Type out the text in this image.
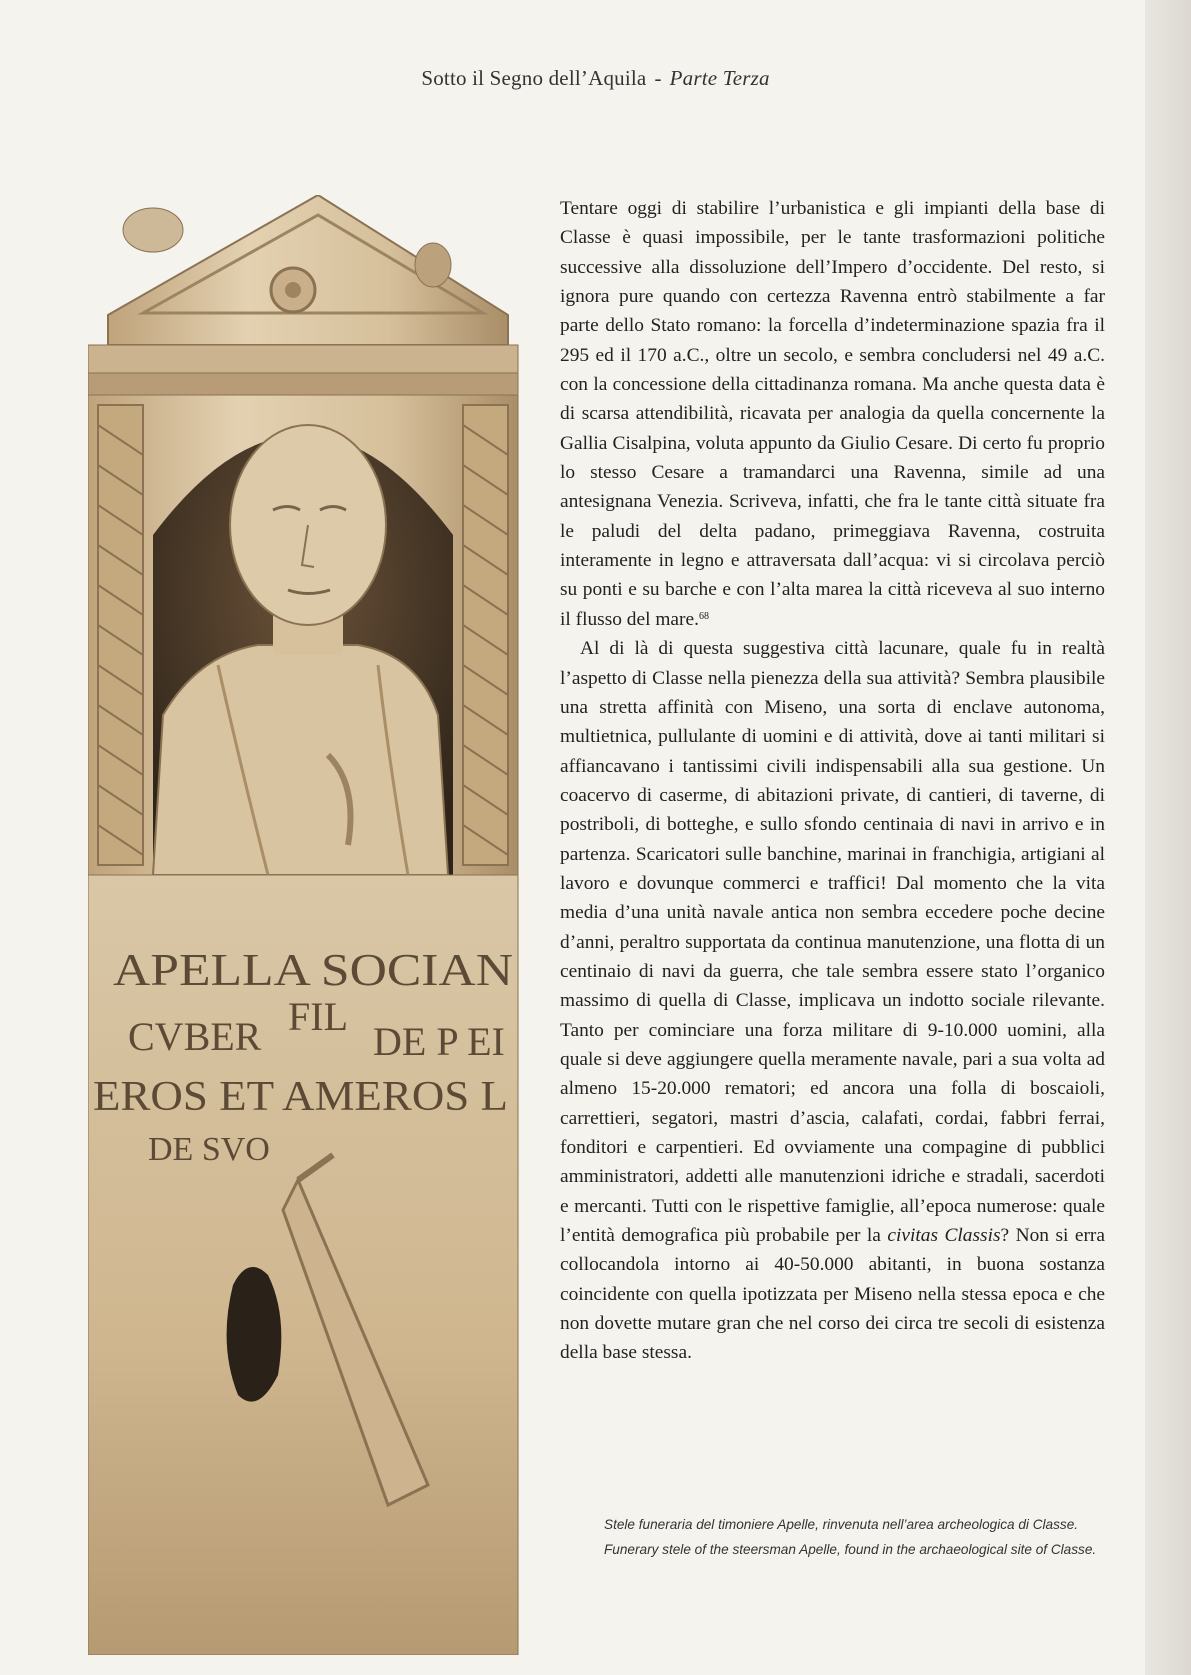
Sotto il Segno dell’Aquila - Parte Terza
APELLA SOCIAN
CVBER FIL
DE P EI
EROS ET AMEROS L
DE SVO

Tentare oggi di stabilire l’urbanistica e gli impianti della base di Classe è quasi impossibile, per le tante trasformazioni politiche successive alla dissoluzione dell’Impero d’occidente. Del resto, si ignora pure quando con certezza Ravenna entrò stabilmente a far parte dello Stato romano: la forcella d’indeterminazione spazia fra il 295 ed il 170 a.C., oltre un secolo, e sembra concludersi nel 49 a.C. con la concessione della cittadinanza romana. Ma anche questa data è di scarsa attendibilità, ricavata per analogia da quella concernente la Gallia Cisalpina, voluta appunto da Giulio Cesare. Di certo fu proprio lo stesso Cesare a tramandarci una Ravenna, simile ad una antesignana Venezia. Scriveva, infatti, che fra le tante città situate fra le paludi del delta padano, primeggiava Ravenna, costruita interamente in legno e attraversata dall’acqua: vi si circolava perciò su ponti e su barche e con l’alta marea la città riceveva al suo interno il flusso del mare.$^{68}$

Al di là di questa suggestiva città lacunare, quale fu in realtà l’aspetto di Classe nella pienezza della sua attività? Sembra plausibile una stretta affinità con Miseno, una sorta di enclave autonoma, multietnica, pullulante di uomini e di attività, dove ai tanti militari si affiancavano i tantissimi civili indispensabili alla sua gestione. Un coacervo di caserme, di abitazioni private, di cantieri, di taverne, di postriboli, di botteghe, e sullo sfondo centinaia di navi in arrivo e in partenza. Scaricatori sulle banchine, marinai in franchigia, artigiani al lavoro e dovunque commerci e traffici! Dal momento che la vita media d’una unità navale antica non sembra eccedere poche decine d’anni, peraltro supportata da continua manutenzione, una flotta di un centinaio di navi da guerra, che tale sembra essere stato l’organico massimo di quella di Classe, implicava un indotto sociale rilevante. Tanto per cominciare una forza militare di 9-10.000 uomini, alla quale si deve aggiungere quella meramente navale, pari a sua volta ad almeno 15-20.000 rematori; ed ancora una folla di boscaioli, carrettieri, segatori, mastri d’ascia, calafati, cordai, fabbri ferrai, fonditori e carpentieri. Ed ovviamente una compagine di pubblici amministratori, addetti alle manutenzioni idriche e stradali, sacerdoti e mercanti. Tutti con le rispettive famiglie, all’epoca numerose: quale l’entità demografica più probabile per la civitas Classis? Non si erra collocandola intorno ai 40-50.000 abitanti, in buona sostanza coincidente con quella ipotizzata per Miseno nella stessa epoca e che non dovette mutare gran che nel corso dei circa tre secoli di esistenza della base stessa.

Stele funeraria del timoniere Apelle, rinvenuta nell’area archeologica di Classe.

Funerary stele of the steersman Apelle, found in the archaeological site of Classe.
